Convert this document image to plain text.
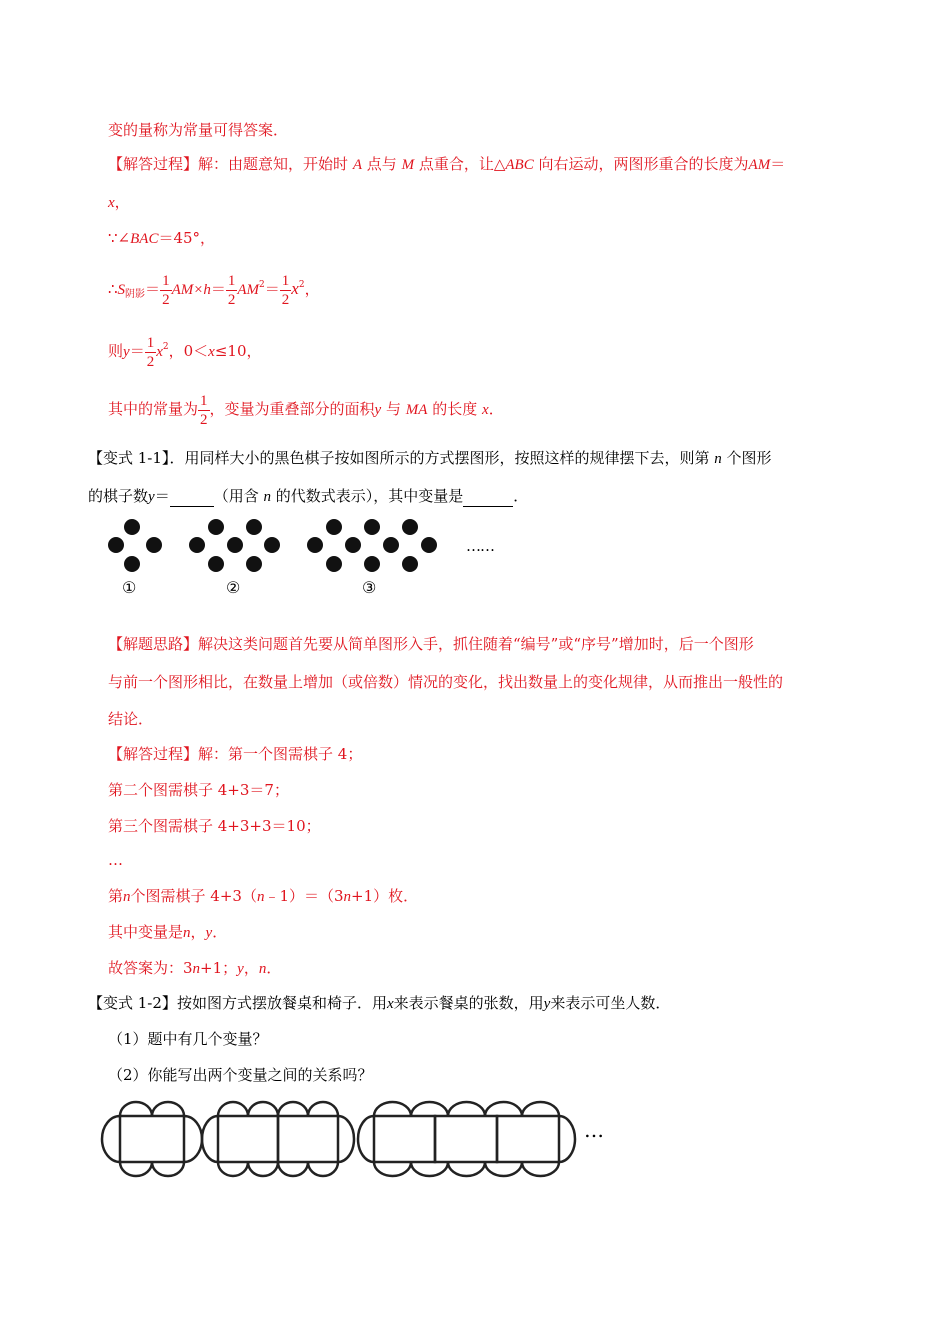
变的量称为常量可得答案．
【解答过程】解：由题意知，开始时 A 点与 M 点重合，让△ABC 向右运动，两图形重合的长度为AM＝
x，
∵∠BAC＝45°，
$\therefore S_{阴影}= \frac{1}{2} AM\times h= \frac{1}{2} AM^2= \frac{1}{2} x^2$，
则$y= \frac{1}{2} x^2$，0＜x≤10，
其中的常量为 $\frac{1}{2}$ ，变量为重叠部分的面积y 与 MA 的长度 x．
【变式 1-1】．用同样大小的黑色棋子按如图所示的方式摆图形，按照这样的规律摆下去，则第 n 个图形
的棋子数y＝	（用含 n 的代数式表示），其中变量是	．
①	②	③
……
【解题思路】解决这类问题首先要从简单图形入手，抓住随着“编号”或“序号”增加时，后一个图形
与前一个图形相比，在数量上增加（或倍数）情况的变化，找出数量上的变化规律，从而推出一般性的
结论．
【解答过程】解：第一个图需棋子 4；
第二个图需棋子 4+3＝7；
第三个图需棋子 4+3+3＝10；
…
第n个图需棋子 4+3（n﹣1）＝（3n+1）枚．
其中变量是n，y．
故答案为：3n+1；y，n．
【变式 1-2】按如图方式摆放餐桌和椅子．用x来表示餐桌的张数，用y来表示可坐人数．
（1）题中有几个变量？
（2）你能写出两个变量之间的关系吗？
…
